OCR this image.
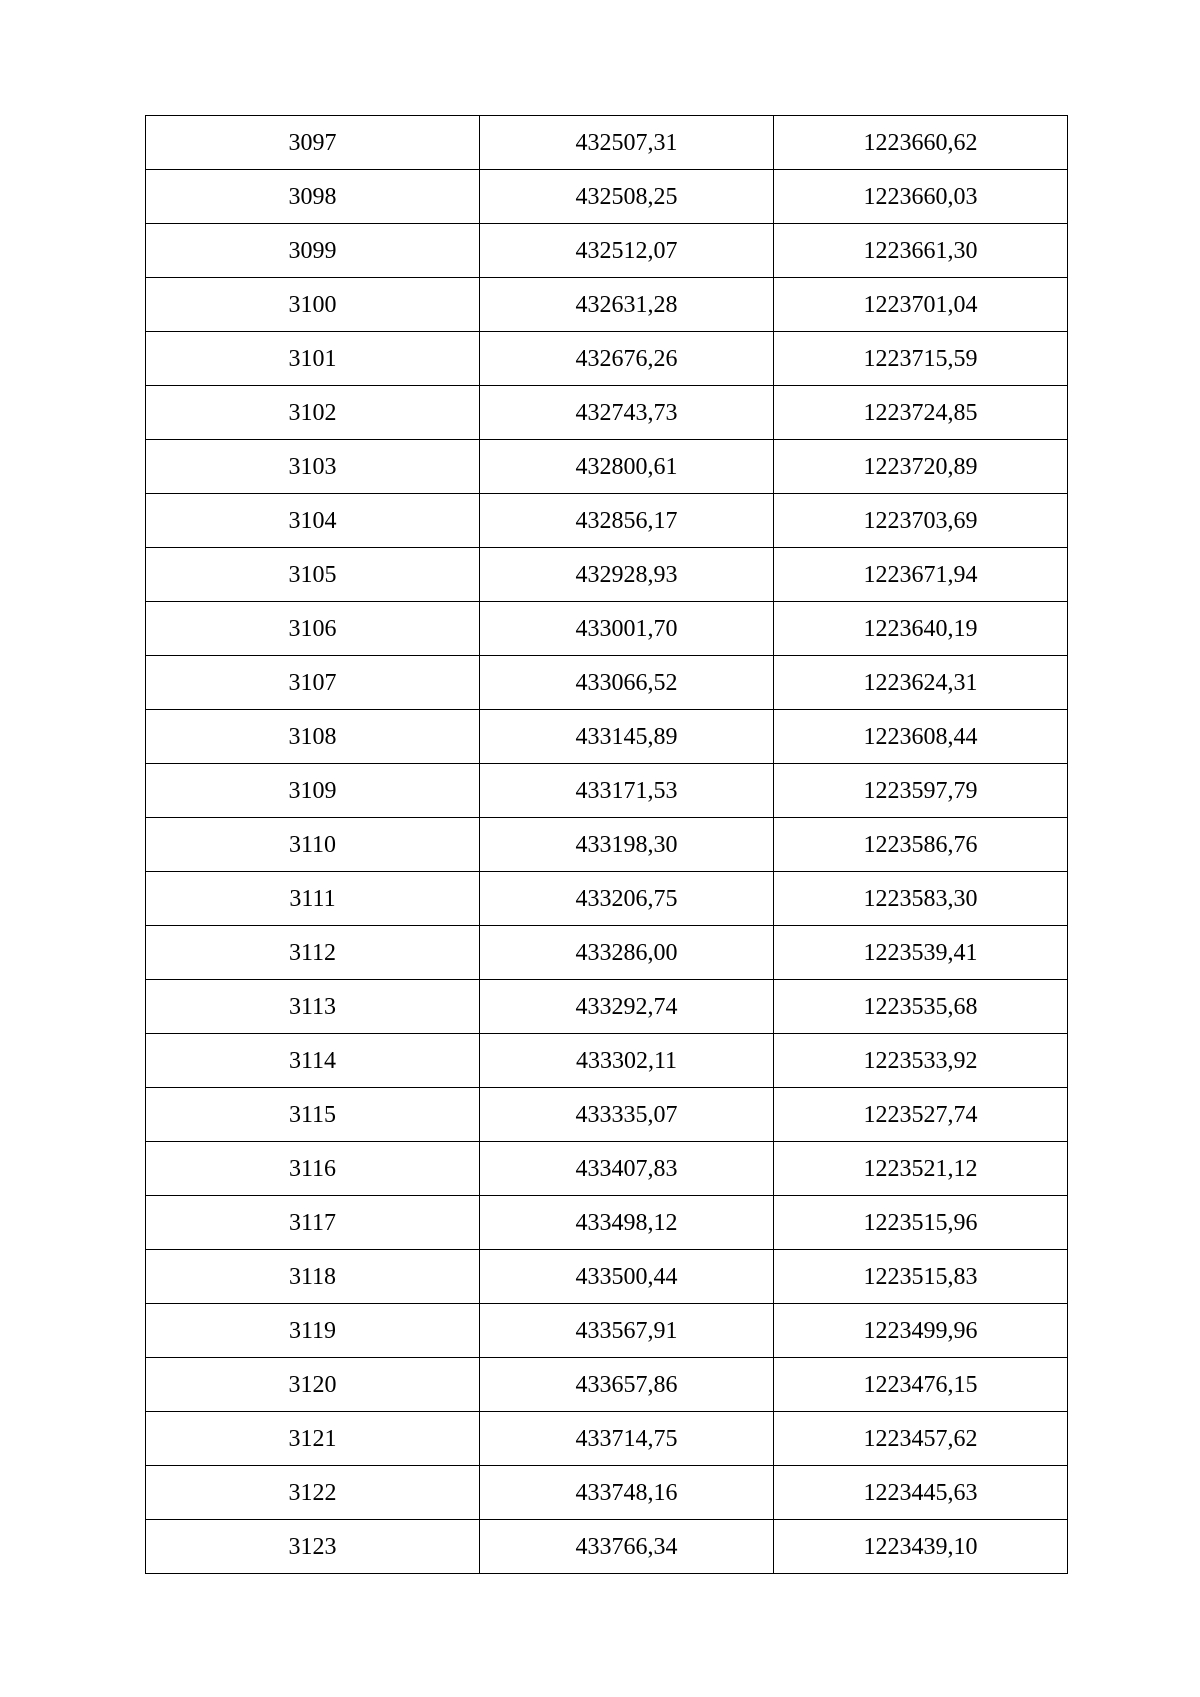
3097	432507,31	1223660,62
3098	432508,25	1223660,03
3099	432512,07	1223661,30
3100	432631,28	1223701,04
3101	432676,26	1223715,59
3102	432743,73	1223724,85
3103	432800,61	1223720,89
3104	432856,17	1223703,69
3105	432928,93	1223671,94
3106	433001,70	1223640,19
3107	433066,52	1223624,31
3108	433145,89	1223608,44
3109	433171,53	1223597,79
3110	433198,30	1223586,76
3111	433206,75	1223583,30
3112	433286,00	1223539,41
3113	433292,74	1223535,68
3114	433302,11	1223533,92
3115	433335,07	1223527,74
3116	433407,83	1223521,12
3117	433498,12	1223515,96
3118	433500,44	1223515,83
3119	433567,91	1223499,96
3120	433657,86	1223476,15
3121	433714,75	1223457,62
3122	433748,16	1223445,63
3123	433766,34	1223439,10
